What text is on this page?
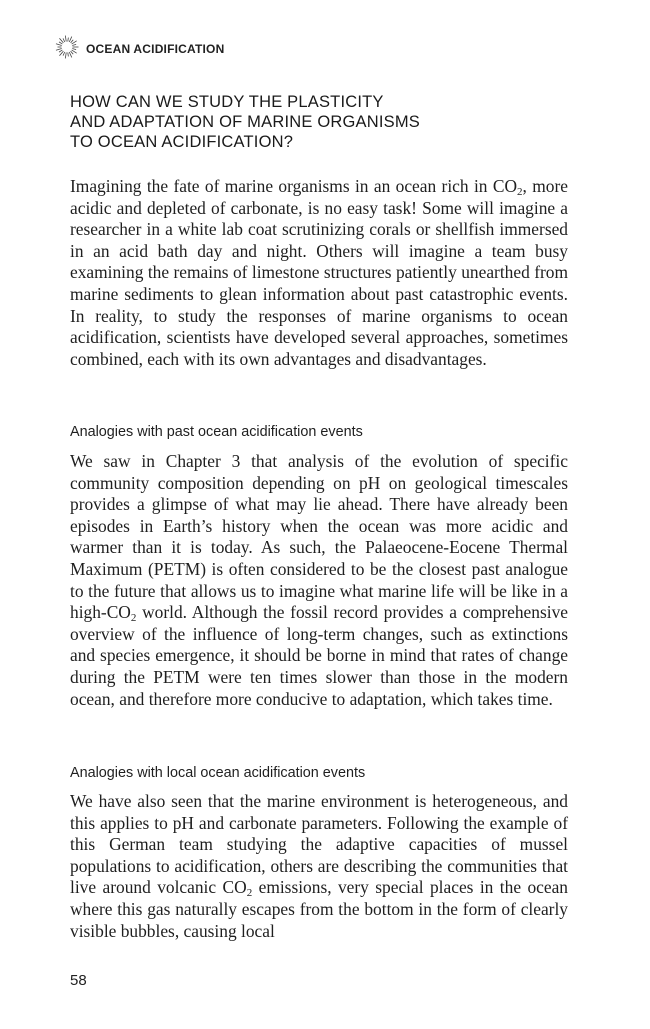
OCEAN ACIDIFICATION
HOW CAN WE STUDY THE PLASTICITY
AND ADAPTATION OF MARINE ORGANISMS
TO OCEAN ACIDIFICATION?

Imagining the fate of marine organisms in an ocean rich in $CO_2$, more acidic and depleted of carbonate, is no easy task! Some will imagine a researcher in a white lab coat scrutinizing corals or shellfish immersed in an acid bath day and night. Others will imagine a team busy examining the remains of limestone structures patiently unearthed from marine sediments to glean information about past catastrophic events. In reality, to study the responses of marine organisms to ocean acidification, scientists have developed several approaches, sometimes combined, each with its own advantages and disadvantages.

Analogies with past ocean acidification events

We saw in Chapter 3 that analysis of the evolution of specific community composition depending on pH on geological timescales provides a glimpse of what may lie ahead. There have already been episodes in Earth’s history when the ocean was more acidic and warmer than it is today. As such, the Palaeocene-Eocene Thermal Maximum (PETM) is often considered to be the closest past analogue to the future that allows us to imagine what marine life will be like in a high-$CO_2$ world. Although the fossil record provides a comprehensive overview of the influence of long-term changes, such as extinctions and species emergence, it should be borne in mind that rates of change during the PETM were ten times slower than those in the modern ocean, and therefore more conducive to adaptation, which takes time.

Analogies with local ocean acidification events

We have also seen that the marine environment is heterogeneous, and this applies to pH and carbonate parameters. Following the example of this German team studying the adaptive capacities of mussel populations to acidification, others are describing the communities that live around volcanic $CO_2$ emissions, very special places in the ocean where this gas naturally escapes from the bottom in the form of clearly visible bubbles, causing local

58
